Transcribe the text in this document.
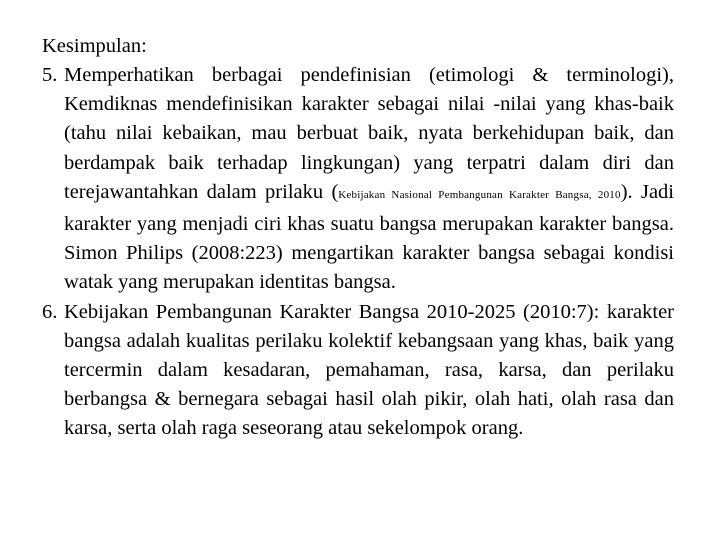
Kesimpulan:
5. Memperhatikan berbagai pendefinisian (etimologi & terminologi), Kemdiknas mendefinisikan karakter sebagai nilai -nilai yang khas-baik (tahu nilai kebaikan, mau berbuat baik, nyata berkehidupan baik, dan berdampak baik terhadap lingkungan) yang terpatri dalam diri dan terejawantahkan dalam prilaku (Kebijakan Nasional Pembangunan Karakter Bangsa, 2010). Jadi karakter yang menjadi ciri khas suatu bangsa merupakan karakter bangsa. Simon Philips (2008:223) mengartikan karakter bangsa sebagai kondisi watak yang merupakan identitas bangsa.
6. Kebijakan Pembangunan Karakter Bangsa 2010-2025 (2010:7): karakter bangsa adalah kualitas perilaku kolektif kebangsaan yang khas, baik yang tercermin dalam kesadaran, pemahaman, rasa, karsa, dan perilaku berbangsa & bernegara sebagai hasil olah pikir, olah hati, olah rasa dan karsa, serta olah raga seseorang atau sekelompok orang.
